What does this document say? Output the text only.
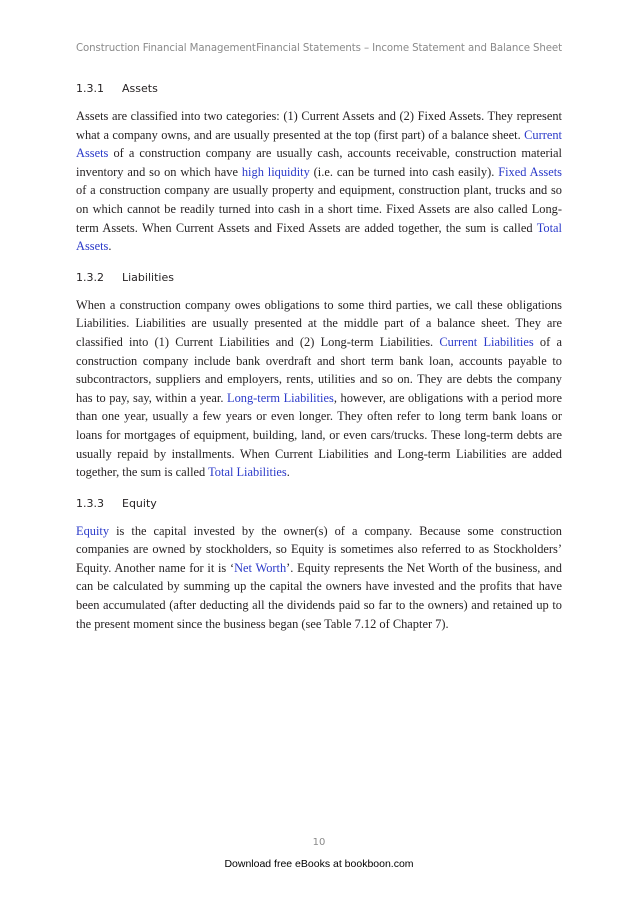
Construction Financial Management Financial Statements – Income Statement and Balance Sheet
1.3.1 Assets

Assets are classified into two categories: (1) Current Assets and (2) Fixed Assets. They represent what a company owns, and are usually presented at the top (first part) of a balance sheet. Current Assets of a construction company are usually cash, accounts receivable, construction material inventory and so on which have high liquidity (i.e. can be turned into cash easily). Fixed Assets of a construction company are usually property and equipment, construction plant, trucks and so on which cannot be readily turned into cash in a short time. Fixed Assets are also called Long-term Assets. When Current Assets and Fixed Assets are added together, the sum is called Total Assets.

1.3.2 Liabilities

When a construction company owes obligations to some third parties, we call these obligations Liabilities. Liabilities are usually presented at the middle part of a balance sheet. They are classified into (1) Current Liabilities and (2) Long-term Liabilities. Current Liabilities of a construction company include bank overdraft and short term bank loan, accounts payable to subcontractors, suppliers and employers, rents, utilities and so on. They are debts the company has to pay, say, within a year. Long-term Liabilities, however, are obligations with a period more than one year, usually a few years or even longer. They often refer to long term bank loans or loans for mortgages of equipment, building, land, or even cars/trucks. These long-term debts are usually repaid by installments. When Current Liabilities and Long-term Liabilities are added together, the sum is called Total Liabilities.

1.3.3 Equity

Equity is the capital invested by the owner(s) of a company. Because some construction companies are owned by stockholders, so Equity is sometimes also referred to as Stockholders’ Equity. Another name for it is ‘Net Worth’. Equity represents the Net Worth of the business, and can be calculated by summing up the capital the owners have invested and the profits that have been accumulated (after deducting all the dividends paid so far to the owners) and retained up to the present moment since the business began (see Table 7.12 of Chapter 7).

10
Download free eBooks at bookboon.com
